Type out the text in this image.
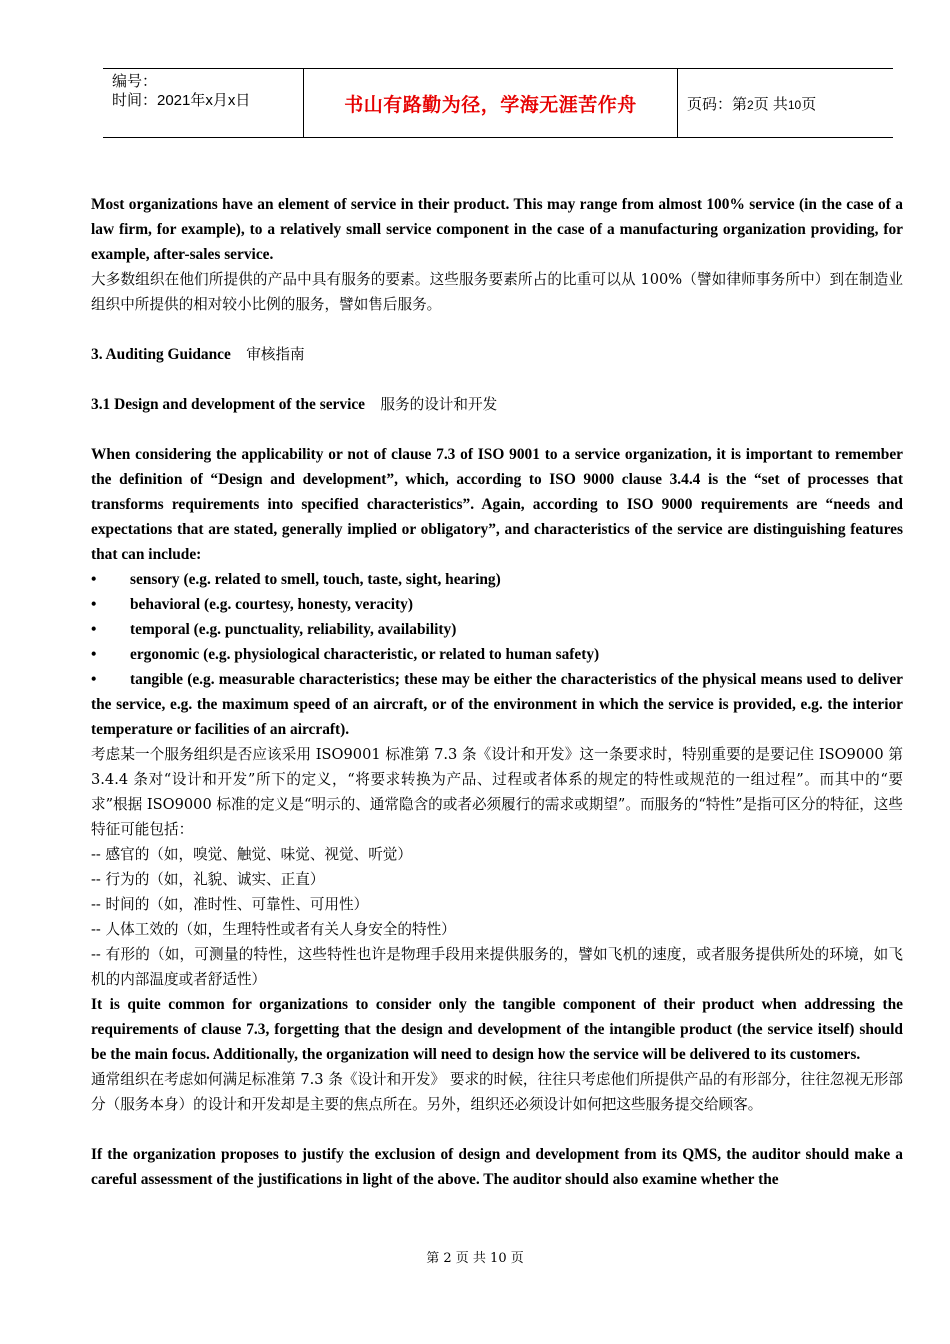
编号：
时间：2021年x月x日	书山有路勤为径，学海无涯苦作舟	页码：第2页 共10页

Most organizations have an element of service in their product. This may range from almost 100% service (in the case of a law firm, for example), to a relatively small service component in the case of a manufacturing organization providing, for example, after-sales service.

大多数组织在他们所提供的产品中具有服务的要素。这些服务要素所占的比重可以从 100%（譬如律师事务所中）到在制造业组织中所提供的相对较小比例的服务，譬如售后服务。

3. Auditing Guidance 审核指南

3.1 Design and development of the service 服务的设计和开发

When considering the applicability or not of clause 7.3 of ISO 9001 to a service organization, it is important to remember the definition of “Design and development”, which, according to ISO 9000 clause 3.4.4 is the “set of processes that transforms requirements into specified characteristics”. Again, according to ISO 9000 requirements are “needs and expectations that are stated, generally implied or obligatory”, and characteristics of the service are distinguishing features that can include:

•	sensory (e.g. related to smell, touch, taste, sight, hearing)
•	behavioral (e.g. courtesy, honesty, veracity)
•	temporal (e.g. punctuality, reliability, availability)
•	ergonomic (e.g. physiological characteristic, or related to human safety)
• tangible (e.g. measurable characteristics; these may be either the characteristics of the physical means used to deliver the service, e.g. the maximum speed of an aircraft, or of the environment in which the service is provided, e.g. the interior temperature or facilities of an aircraft).

考虑某一个服务组织是否应该采用 ISO9001 标准第 7.3 条《设计和开发》这一条要求时，特别重要的是要记住 ISO9000 第 3.4.4 条对“设计和开发”所下的定义，“将要求转换为产品、过程或者体系的规定的特性或规范的一组过程”。而其中的“要求”根据 ISO9000 标准的定义是“明示的、通常隐含的或者必须履行的需求或期望”。而服务的“特性”是指可区分的特征，这些特征可能包括：

-- 感官的（如，嗅觉、触觉、味觉、视觉、听觉）

-- 行为的（如，礼貌、诚实、正直）

-- 时间的（如，准时性、可靠性、可用性）

-- 人体工效的（如，生理特性或者有关人身安全的特性）

-- 有形的（如，可测量的特性，这些特性也许是物理手段用来提供服务的，譬如飞机的速度，或者服务提供所处的环境，如飞机的内部温度或者舒适性）

It is quite common for organizations to consider only the tangible component of their product when addressing the requirements of clause 7.3, forgetting that the design and development of the intangible product (the service itself) should be the main focus. Additionally, the organization will need to design how the service will be delivered to its customers.

通常组织在考虑如何满足标准第 7.3 条《设计和开发》 要求的时候，往往只考虑他们所提供产品的有形部分，往往忽视无形部分（服务本身）的设计和开发却是主要的焦点所在。另外，组织还必须设计如何把这些服务提交给顾客。

If the organization proposes to justify the exclusion of design and development from its QMS, the auditor should make a careful assessment of the justifications in light of the above. The auditor should also examine whether the

第 2 页 共 10 页
